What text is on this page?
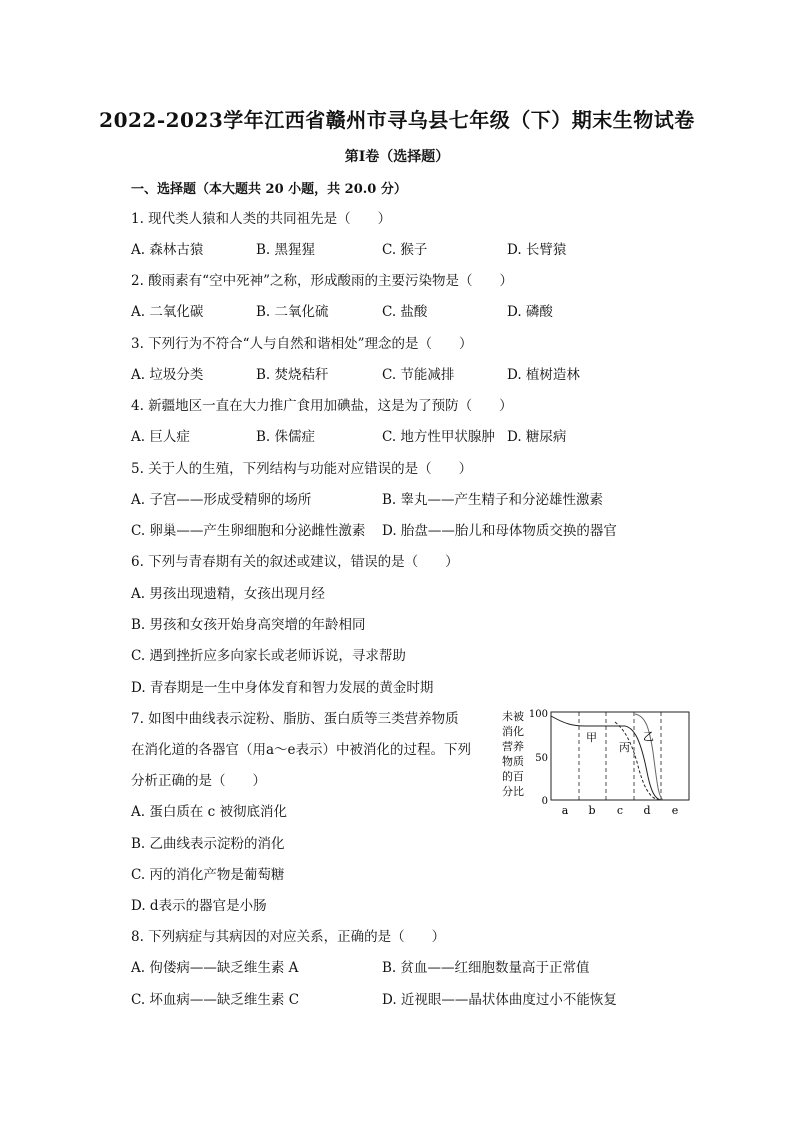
2022-2023学年江西省赣州市寻乌县七年级（下）期末生物试卷
第Ⅰ卷（选择题）
一、选择题（本大题共 20 小题，共 20.0 分）
1. 现代类人猿和人类的共同祖先是（　　）
A. 森林古猿	B. 黑猩猩	C. 猴子	D. 长臂猿
2. 酸雨素有“空中死神”之称，形成酸雨的主要污染物是（　　）
A. 二氧化碳	B. 二氧化硫	C. 盐酸	D. 磷酸
3. 下列行为不符合“人与自然和谐相处”理念的是（　　）
A. 垃圾分类	B. 焚烧秸秆	C. 节能减排	D. 植树造林
4. 新疆地区一直在大力推广食用加碘盐，这是为了预防（　　）
A. 巨人症	B. 侏儒症	C. 地方性甲状腺肿 D. 糖尿病
5. 关于人的生殖，下列结构与功能对应错误的是（　　）
A. 子宫——形成受精卵的场所	B. 睾丸——产生精子和分泌雄性激素
C. 卵巢——产生卵细胞和分泌雌性激素 D. 胎盘——胎儿和母体物质交换的器官
6. 下列与青春期有关的叙述或建议，错误的是（　　）
A. 男孩出现遗精，女孩出现月经
B. 男孩和女孩开始身高突增的年龄相同
C. 遇到挫折应多向家长或老师诉说，寻求帮助
D. 青春期是一生中身体发育和智力发展的黄金时期
7. 如图中曲线表示淀粉、脂肪、蛋白质等三类营养物质
在消化道的各器官（用a～e表示）中被消化的过程。下列
分析正确的是（　　）
A. 蛋白质在 c 被彻底消化
B. 乙曲线表示淀粉的消化
C. 丙的消化产物是葡萄糖
D. d表示的器官是小肠
未被
消化
营养
物质
的百
分比
100
50
0
甲	乙
丙
a b c d e
8. 下列病症与其病因的对应关系，正确的是（　　）
A. 佝偻病——缺乏维生素 A	B. 贫血——红细胞数量高于正常值
C. 坏血病——缺乏维生素 C	D. 近视眼——晶状体曲度过小不能恢复
